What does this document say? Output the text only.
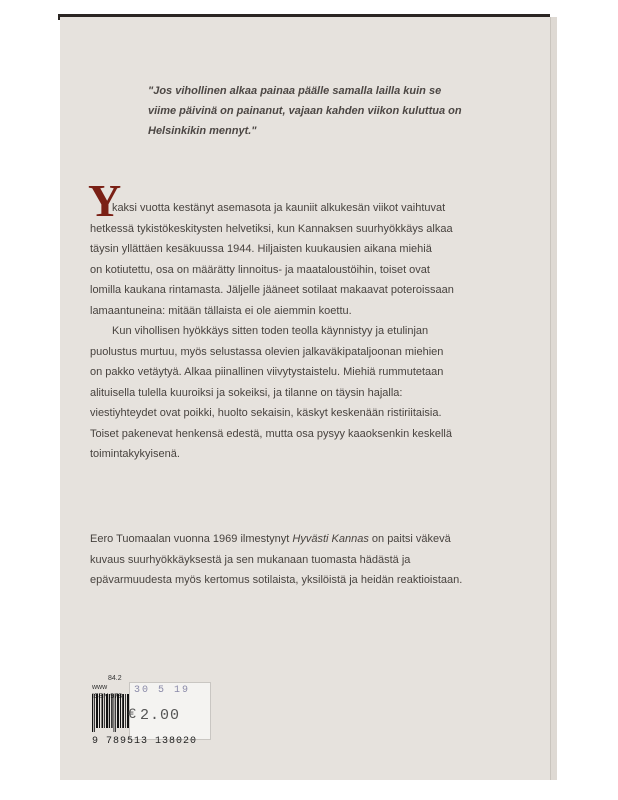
"Jos vihollinen alkaa painaa päälle samalla lailla kuin se

viime päivinä on painanut, vajaan kahden viikon kuluttua on

Helsinkikin mennyt."

Y

li kaksi vuotta kestänyt asemasota ja kauniit alkukesän viikot vaihtuvat

hetkessä tykistökeskitysten helvetiksi, kun Kannaksen suurhyökkäys alkaa

täysin yllättäen kesäkuussa 1944. Hiljaisten kuukausien aikana miehiä

on kotiutettu, osa on määrätty linnoitus- ja maataloustöihin, toiset ovat

lomilla kaukana rintamasta. Jäljelle jääneet sotilaat makaavat poteroissaan

lamaantuneina: mitään tällaista ei ole aiemmin koettu.

Kun vihollisen hyökkäys sitten toden teolla käynnistyy ja etulinjan

puolustus murtuu, myös selustassa olevien jalkaväkipataljoonan miehien

on pakko vetäytyä. Alkaa piinallinen viivytystaistelu. Miehiä rummutetaan

alituisella tulella kuuroiksi ja sokeiksi, ja tilanne on täysin hajalla:

viestiyhteydet ovat poikki, huolto sekaisin, käskyt keskenään ristiriitaisia.

Toiset pakenevat henkensä edestä, mutta osa pysyy kaaoksenkin keskellä

toimintakykyisenä.

Eero Tuomaalan vuonna 1969 ilmestynyt Hyvästi Kannas on paitsi väkevä

kuvaus suurhyökkäyksestä ja sen mukanaan tuomasta hädästä ja

epävarmuudesta myös kertomus sotilaista, yksilöistä ja heidän reaktioistaan.

84.2
www
ISBN 978
30 5 19
€ 2.00
9 789513 138020
